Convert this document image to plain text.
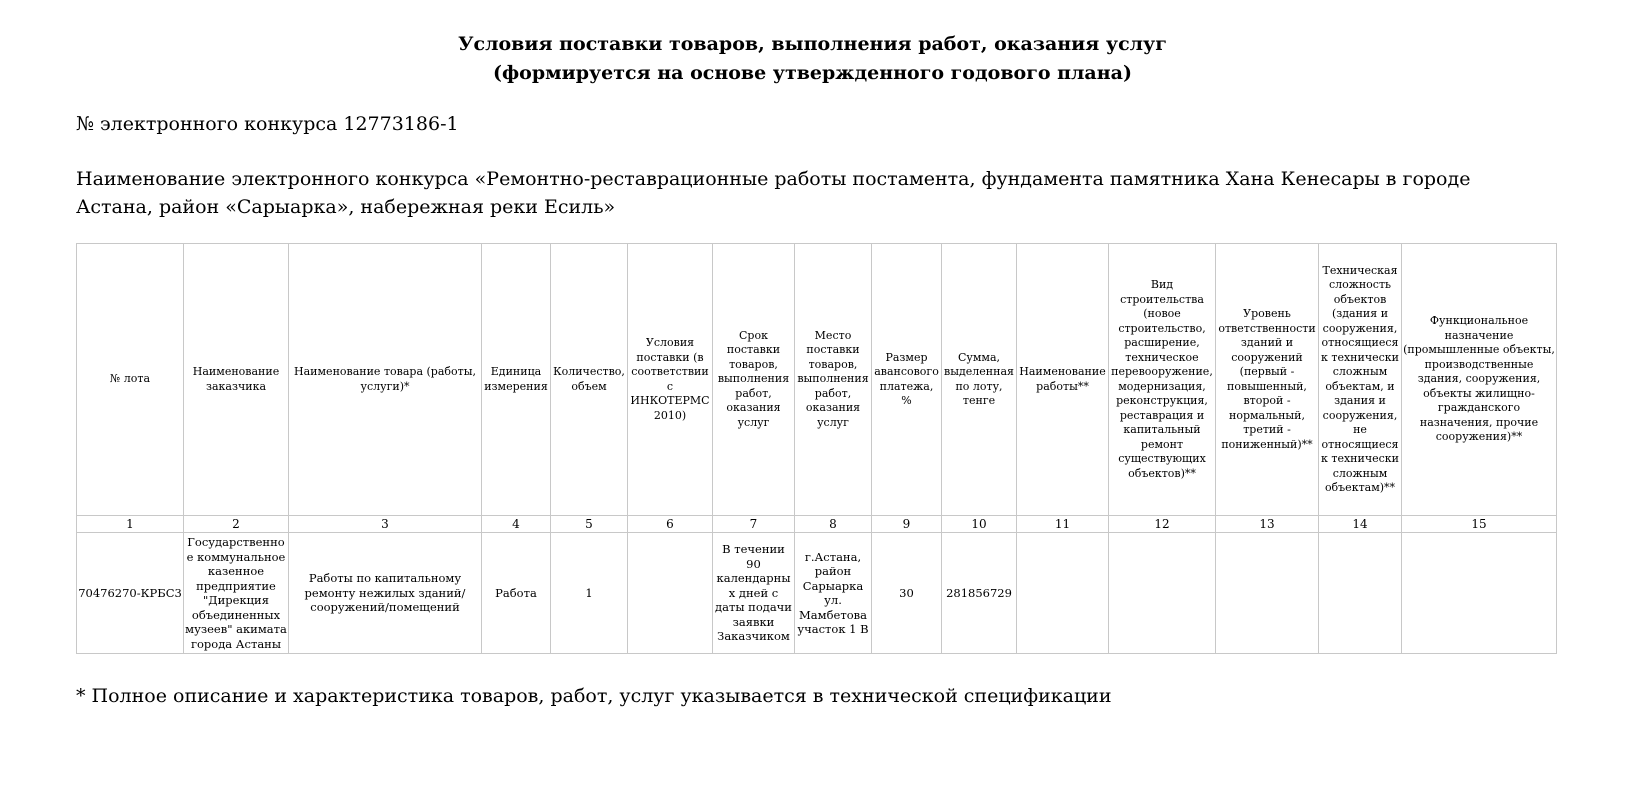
Условия поставки товаров, выполнения работ, оказания услуг
(формируется на основе утвержденного годового плана)
№ электронного конкурса 12773186-1
Наименование электронного конкурса «Ремонтно-реставрационные работы постамента, фундамента памятника Хана Кенесары в городе Астана, район «Сарыарка», набережная реки Есиль»
№ лота	Наименование заказчика	Наименование товара (работы, услуги)*	Единица измерения	Количество, объем	Условия поставки (в соответствии с ИНКОТЕРМС 2010)	Срок поставки товаров, выполнения работ, оказания услуг	Место поставки товаров, выполнения работ, оказания услуг	Размер авансового платежа, %	Сумма, выделенная по лоту, тенге	Наименование работы**	Вид строительства (новое строительство, расширение, техническое перевооружение, модернизация, реконструкция, реставрация и капитальный ремонт существующих объектов)**	Уровень ответственности зданий и сооружений (первый - повышенный, второй - нормальный, третий - пониженный)**	Техническая сложность объектов (здания и сооружения, относящиеся к технически сложным объектам, и здания и сооружения, не относящиеся к технически сложным объектам)**	Функциональное назначение (промышленные объекты, производственные здания, сооружения, объекты жилищно-гражданского назначения, прочие сооружения)**
1	2	3	4	5	6	7	8	9	10	11	12	13	14	15
70476270-КРБС3	Государственное коммунальное казенное предприятие "Дирекция объединенных музеев" акимата города Астаны	Работы по капитальному ремонту нежилых зданий/сооружений/помещений	Работа	1		В течении 90 календарных дней с даты подачи заявки Заказчиком	г.Астана, район Сарыарка ул. Мамбетова участок 1 В	30	281856729					
* Полное описание и характеристика товаров, работ, услуг указывается в технической спецификации
